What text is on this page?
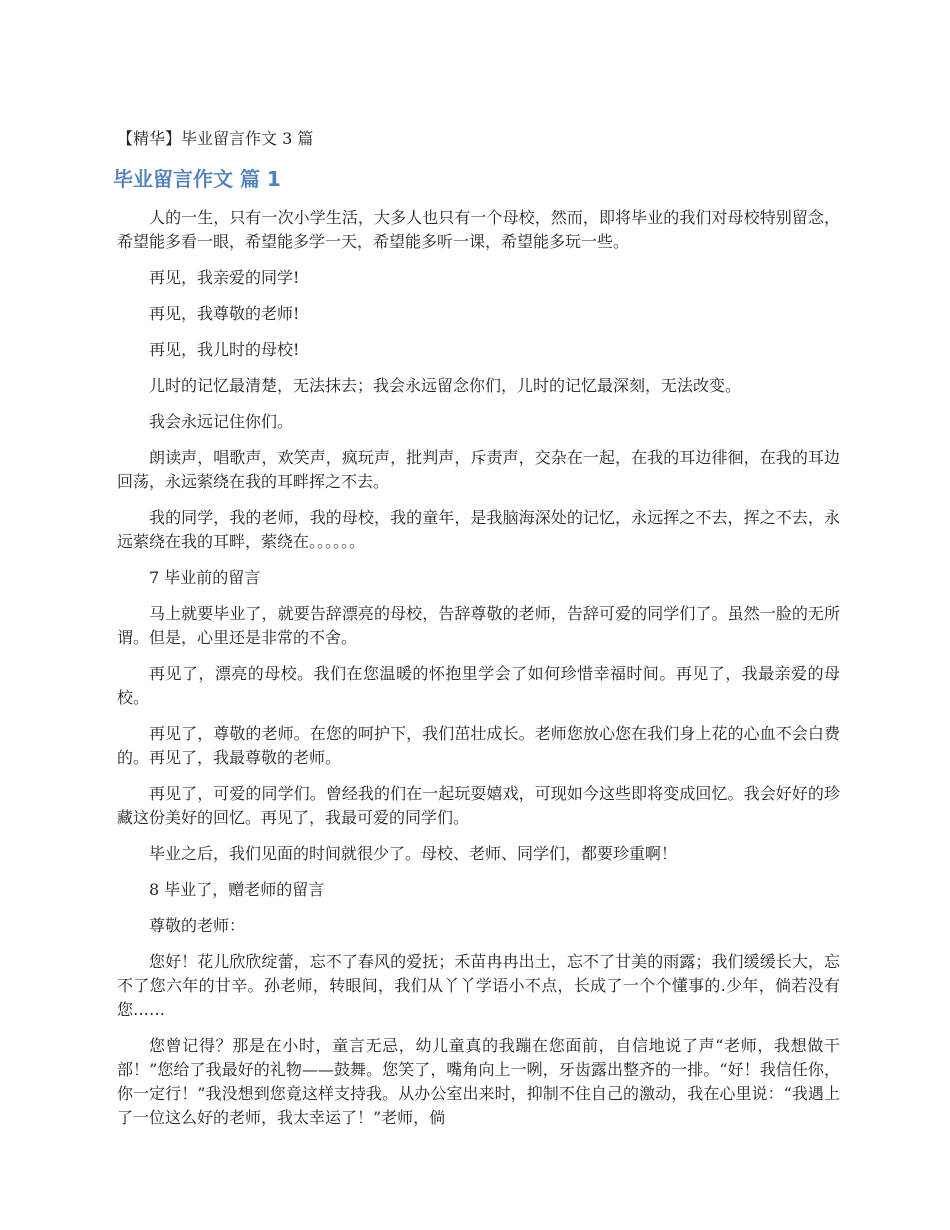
【精华】毕业留言作文 3 篇
毕业留言作文 篇 1

人的一生，只有一次小学生活，大多人也只有一个母校，然而，即将毕业的我们对母校特别留念，希望能多看一眼，希望能多学一天，希望能多听一课，希望能多玩一些。

再见，我亲爱的同学!

再见，我尊敬的老师!

再见，我儿时的母校!

儿时的记忆最清楚，无法抹去；我会永远留念你们，儿时的记忆最深刻，无法改变。

我会永远记住你们。

朗读声，唱歌声，欢笑声，疯玩声，批判声，斥责声，交杂在一起，在我的耳边徘徊，在我的耳边回荡，永远萦绕在我的耳畔挥之不去。

我的同学，我的老师，我的母校，我的童年，是我脑海深处的记忆，永远挥之不去，挥之不去，永远萦绕在我的耳畔，萦绕在。。。。。。

7 毕业前的留言

马上就要毕业了，就要告辞漂亮的母校，告辞尊敬的老师，告辞可爱的同学们了。虽然一脸的无所谓。但是，心里还是非常的不舍。

再见了，漂亮的母校。我们在您温暖的怀抱里学会了如何珍惜幸福时间。再见了，我最亲爱的母校。

再见了，尊敬的老师。在您的呵护下，我们茁壮成长。老师您放心您在我们身上花的心血不会白费的。再见了，我最尊敬的老师。

再见了，可爱的同学们。曾经我的们在一起玩耍嬉戏，可现如今这些即将变成回忆。我会好好的珍藏这份美好的回忆。再见了，我最可爱的同学们。

毕业之后，我们见面的时间就很少了。母校、老师、同学们，都要珍重啊！

8 毕业了，赠老师的留言

尊敬的老师：

您好！花儿欣欣绽蕾，忘不了春风的爱抚；禾苗冉冉出土，忘不了甘美的雨露；我们缓缓长大，忘不了您六年的甘辛。孙老师，转眼间，我们从丫丫学语小不点，长成了一个个懂事的.少年，倘若没有您……

您曾记得？那是在小时，童言无忌，幼儿童真的我蹦在您面前，自信地说了声“老师，我想做干部！”您给了我最好的礼物——鼓舞。您笑了，嘴角向上一咧，牙齿露出整齐的一排。“好！我信任你，你一定行！”我没想到您竟这样支持我。从办公室出来时，抑制不住自己的激动，我在心里说：“我遇上了一位这么好的老师，我太幸运了！”老师，倘
